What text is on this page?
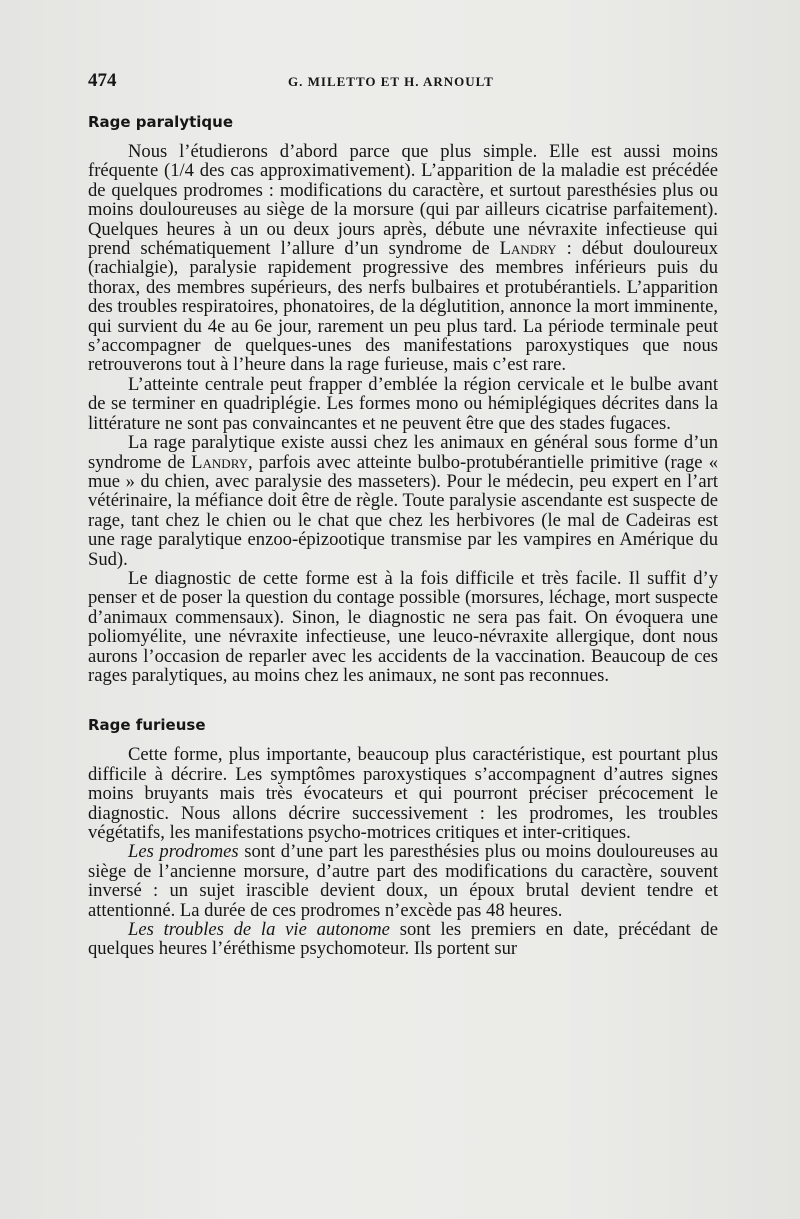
474	G. MILETTO ET H. ARNOULT
Rage paralytique

Nous l’étudierons d’abord parce que plus simple. Elle est aussi moins fréquente (1/4 des cas approximativement). L’apparition de la maladie est précédée de quelques prodromes : modifications du caractère, et surtout paresthésies plus ou moins douloureuses au siège de la morsure (qui par ailleurs cicatrise parfaitement). Quelques heures à un ou deux jours après, débute une névraxite infectieuse qui prend schématiquement l’allure d’un syndrome de Landry : début douloureux (rachialgie), paralysie rapidement progressive des membres inférieurs puis du thorax, des membres supérieurs, des nerfs bulbaires et protubérantiels. L’apparition des troubles respiratoires, phonatoires, de la déglutition, annonce la mort imminente, qui survient du 4e au 6e jour, rarement un peu plus tard. La période terminale peut s’accompagner de quelques-unes des manifestations paroxystiques que nous retrouverons tout à l’heure dans la rage furieuse, mais c’est rare.

L’atteinte centrale peut frapper d’emblée la région cervicale et le bulbe avant de se terminer en quadriplégie. Les formes mono ou hémiplégiques décrites dans la littérature ne sont pas convaincantes et ne peuvent être que des stades fugaces.

La rage paralytique existe aussi chez les animaux en général sous forme d’un syndrome de Landry, parfois avec atteinte bulbo-protubérantielle primitive (rage « mue » du chien, avec paralysie des masseters). Pour le médecin, peu expert en l’art vétérinaire, la méfiance doit être de règle. Toute paralysie ascendante est suspecte de rage, tant chez le chien ou le chat que chez les herbivores (le mal de Cadeiras est une rage paralytique enzoo-épizootique transmise par les vampires en Amérique du Sud).

Le diagnostic de cette forme est à la fois difficile et très facile. Il suffit d’y penser et de poser la question du contage possible (morsures, léchage, mort suspecte d’animaux commensaux). Sinon, le diagnostic ne sera pas fait. On évoquera une poliomyélite, une névraxite infectieuse, une leuco-névraxite allergique, dont nous aurons l’occasion de reparler avec les accidents de la vaccination. Beaucoup de ces rages paralytiques, au moins chez les animaux, ne sont pas reconnues.

Rage furieuse

Cette forme, plus importante, beaucoup plus caractéristique, est pourtant plus difficile à décrire. Les symptômes paroxystiques s’accompagnent d’autres signes moins bruyants mais très évocateurs et qui pourront préciser précocement le diagnostic. Nous allons décrire successivement : les prodromes, les troubles végétatifs, les manifestations psycho-motrices critiques et inter-critiques.

Les prodromes sont d’une part les paresthésies plus ou moins douloureuses au siège de l’ancienne morsure, d’autre part des modifications du caractère, souvent inversé : un sujet irascible devient doux, un époux brutal devient tendre et attentionné. La durée de ces prodromes n’excède pas 48 heures.

Les troubles de la vie autonome sont les premiers en date, précédant de quelques heures l’éréthisme psychomoteur. Ils portent sur
